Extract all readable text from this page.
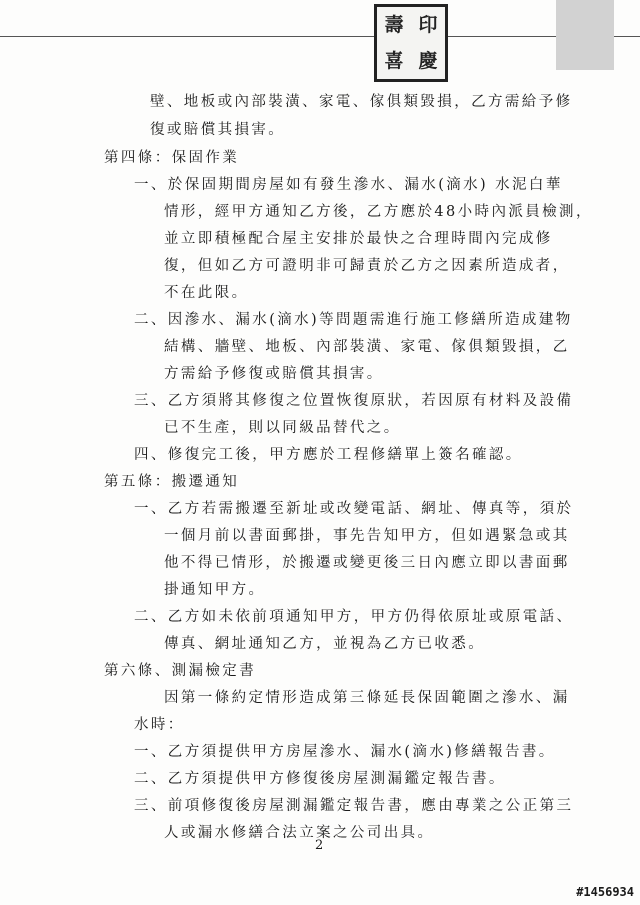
壽 印
喜 慶
壁、地板或內部裝潢、家電、傢俱類毀損，乙方需給予修
復或賠償其損害。
第四條：保固作業
一、於保固期間房屋如有發生滲水、漏水(滴水) 水泥白華
情形，經甲方通知乙方後，乙方應於48小時內派員檢測，
並立即積極配合屋主安排於最快之合理時間內完成修
復，但如乙方可證明非可歸責於乙方之因素所造成者，
不在此限。
二、因滲水、漏水(滴水)等問題需進行施工修繕所造成建物
結構、牆壁、地板、內部裝潢、家電、傢俱類毀損，乙
方需給予修復或賠償其損害。
三、乙方須將其修復之位置恢復原狀，若因原有材料及設備
已不生產，則以同級品替代之。
四、修復完工後，甲方應於工程修繕單上簽名確認。
第五條：搬遷通知
一、乙方若需搬遷至新址或改變電話、網址、傳真等，須於
一個月前以書面郵掛，事先告知甲方，但如遇緊急或其
他不得已情形，於搬遷或變更後三日內應立即以書面郵
掛通知甲方。
二、乙方如未依前項通知甲方，甲方仍得依原址或原電話、
傳真、網址通知乙方，並視為乙方已收悉。
第六條、測漏檢定書
因第一條約定情形造成第三條延長保固範圍之滲水、漏
水時：
一、乙方須提供甲方房屋滲水、漏水(滴水)修繕報告書。
二、乙方須提供甲方修復後房屋測漏鑑定報告書。
三、前項修復後房屋測漏鑑定報告書，應由專業之公正第三
人或漏水修繕合法立案之公司出具。
2
#1456934
